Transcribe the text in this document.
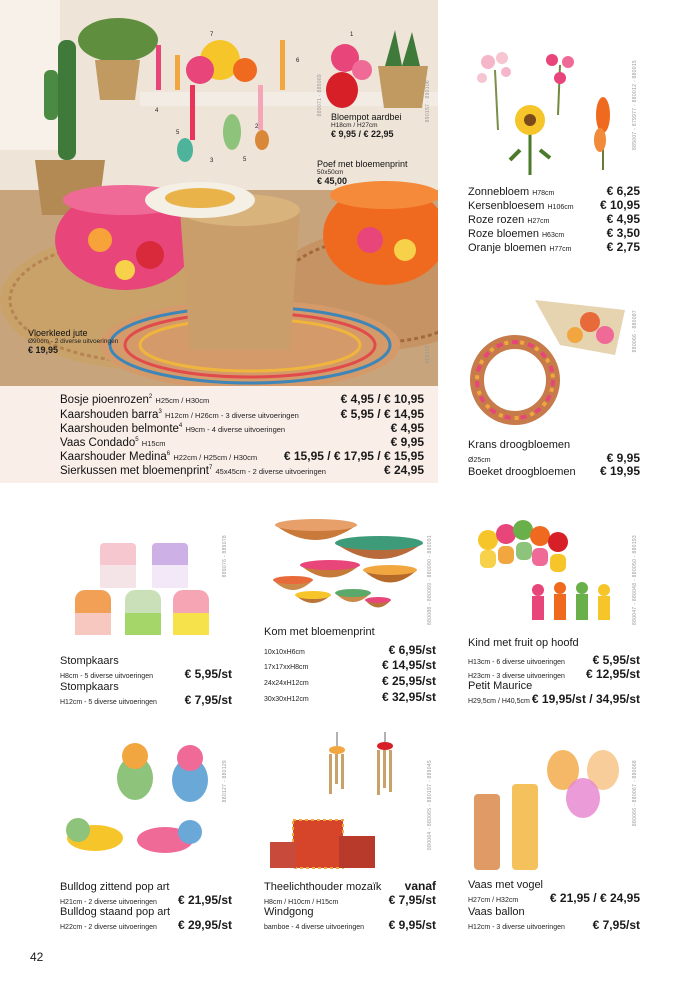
7	1
6
4
5
3	5
2
Bloempot aardbei
H18cm / H27cm
€ 9,95 / € 22,95
Poef met bloemenprint
50x50cm
€ 45,00
Vloerkleed jute
Ø90cm - 2 diverse uitvoeringen
€ 19,95
889071 · 889069	890157 · 890106
889159
Bosje pioenrozen$^2$ H25cm / H30cm	€ 4,95 / € 10,95
Kaarshouden barra$^3$ H12cm / H26cm - 3 diverse uitvoeringen	€ 5,95 / € 14,95
Kaarshouden belmonte$^4$ H9cm - 4 diverse uitvoeringen	€ 4,95
Vaas Condado$^5$ H15cm	€ 9,95
Kaarshouder Medina$^6$ H22cm / H25cm / H30cm € 15,95 / € 17,95 / € 15,95
Sierkussen met bloemenprint$^7$ 45x45cm - 2 diverse uitvoeringen	€ 24,95
885007 - 879977 - 880012 - 880015
Zonnebloem H78cm	€ 6,25
Kersenbloesem H106cm € 10,95
Roze rozen H27cm	€ 4,95
Roze bloemen H63cm	€ 3,50
Oranje bloemen H77cm	€ 2,75
880066 - 880087
Krans droogbloemen
Ø25cm	€ 9,95
Boeket droogbloemen € 19,95
889076 - 889078
Stompkaars
H8cm - 5 diverse uitvoeringen	€ 5,95/st
Stompkaars
H12cm - 5 diverse uitvoeringen € 7,95/st
880088 - 880089 - 880090 - 880091
Kom met bloemenprint
10x10xH6cm	€ 6,95/st
17x17xxH8cm	€ 14,95/st
24x24xH12cm	€ 25,95/st
30x30xH12cm	€ 32,95/st
880047 - 880048 - 880050 - 880193
Kind met fruit op hoofd
H13cm - 6 diverse uitvoeringen € 5,95/st
H23cm - 3 diverse uitvoeringen € 12,95/st
Petit Maurice
H29,5cm / H40,5cm € 19,95/st / 34,95/st
880127 - 880129
Bulldog zittend pop art
H21cm - 2 diverse uitvoeringen € 21,95/st
Bulldog staand pop art
H22cm - 2 diverse uitvoeringen € 29,95/st
880064 - 880065 - 880197 - 889045
Theelichthouder mozaïk vanaf
H8cm / H10cm / H15cm	€ 7,95/st
Windgong
bamboe - 4 diverse uitvoeringen € 9,95/st
880066 - 880067 - 880068
Vaas met vogel
H27cm / H32cm	€ 21,95 / € 24,95
Vaas ballon
H12cm - 3 diverse uitvoeringen € 7,95/st
42
